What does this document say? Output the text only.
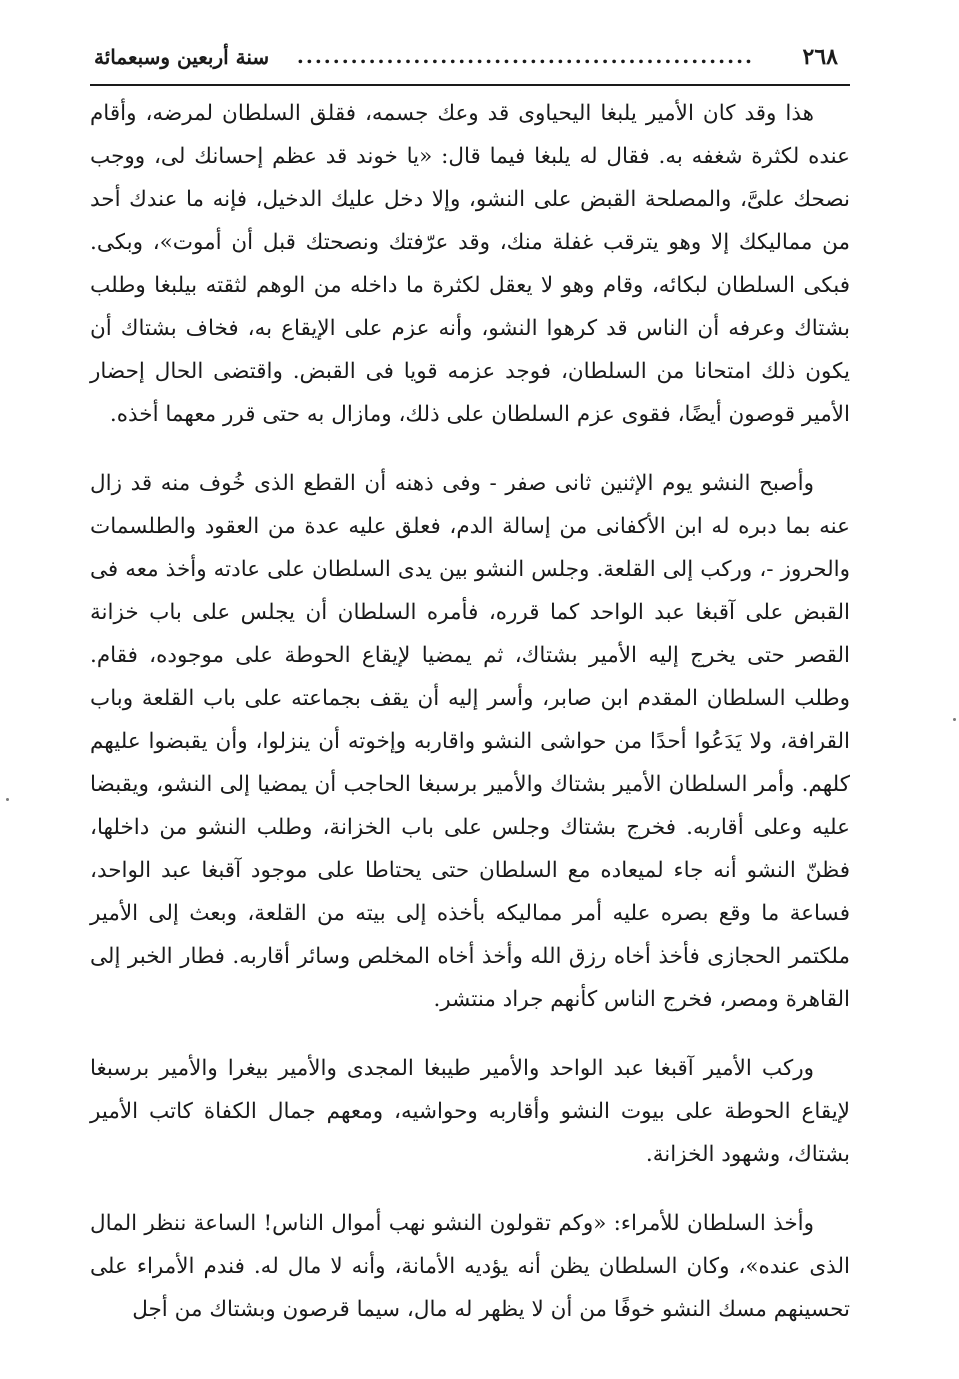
٢٦٨
...................................................
سنة أربعين وسبعمائة

هذا وقد كان الأمير يلبغا اليحياوى قد وعك جسمه، فقلق السلطان لمرضه، وأقام عنده لكثرة شغفه به. فقال له يلبغا فيما قال: «يا خوند قد عظم إحسانك لى، ووجب نصحك علىَّ، والمصلحة القبض على النشو، وإلا دخل عليك الدخيل، فإنه ما عندك أحد من مماليكك إلا وهو يترقب غفلة منك، وقد عرّفتك ونصحتك قبل أن أموت»، وبكى. فبكى السلطان لبكائه، وقام وهو لا يعقل لكثرة ما داخله من الوهم لثقته بيلبغا وطلب بشتاك وعرفه أن الناس قد كرهوا النشو، وأنه عزم على الإيقاع به، فخاف بشتاك أن يكون ذلك امتحانا من السلطان، فوجد عزمه قويا فى القبض. واقتضى الحال إحضار الأمير قوصون أيضًا، فقوى عزم السلطان على ذلك، ومازال به حتى قرر معهما أخذه.

وأصبح النشو يوم الإثنين ثانى صفر - وفى ذهنه أن القطع الذى خُوف منه قد زال عنه بما دبره له ابن الأكفانى من إسالة الدم، فعلق عليه عدة من العقود والطلسمات والحروز -، وركب إلى القلعة. وجلس النشو بين يدى السلطان على عادته وأخذ معه فى القبض على آقبغا عبد الواحد كما قرره، فأمره السلطان أن يجلس على باب خزانة القصر حتى يخرج إليه الأمير بشتاك، ثم يمضيا لإيقاع الحوطة على موجوده، فقام. وطلب السلطان المقدم ابن صابر، وأسر إليه أن يقف بجماعته على باب القلعة وباب القرافة، ولا يَدَعُوا أحدًا من حواشى النشو واقاربه وإخوته أن ينزلوا، وأن يقبضوا عليهم كلهم. وأمر السلطان الأمير بشتاك والأمير برسبغا الحاجب أن يمضيا إلى النشو، ويقبضا عليه وعلى أقاربه. فخرج بشتاك وجلس على باب الخزانة، وطلب النشو من داخلها، فظنّ النشو أنه جاء لميعاده مع السلطان حتى يحتاطا على موجود آقبغا عبد الواحد، فساعة ما وقع بصره عليه أمر مماليكه بأخذه إلى بيته من القلعة، وبعث إلى الأمير ملكتمر الحجازى فأخذ أخاه رزق الله وأخذ أخاه المخلص وسائر أقاربه. فطار الخبر إلى القاهرة ومصر، فخرج الناس كأنهم جراد منتشر.

وركب الأمير آقبغا عبد الواحد والأمير طيبغا المجدى والأمير بيغرا والأمير برسبغا لإيقاع الحوطة على بيوت النشو وأقاربه وحواشيه، ومعهم جمال الكفاة كاتب الأمير بشتاك، وشهود الخزانة.

وأخذ السلطان للأمراء: «وكم تقولون النشو نهب أموال الناس! الساعة ننظر المال الذى عنده»، وكان السلطان يظن أنه يؤديه الأمانة، وأنه لا مال له. فندم الأمراء على تحسينهم مسك النشو خوفًا من أن لا يظهر له مال، سيما قرصون وبشتاك من أجل
